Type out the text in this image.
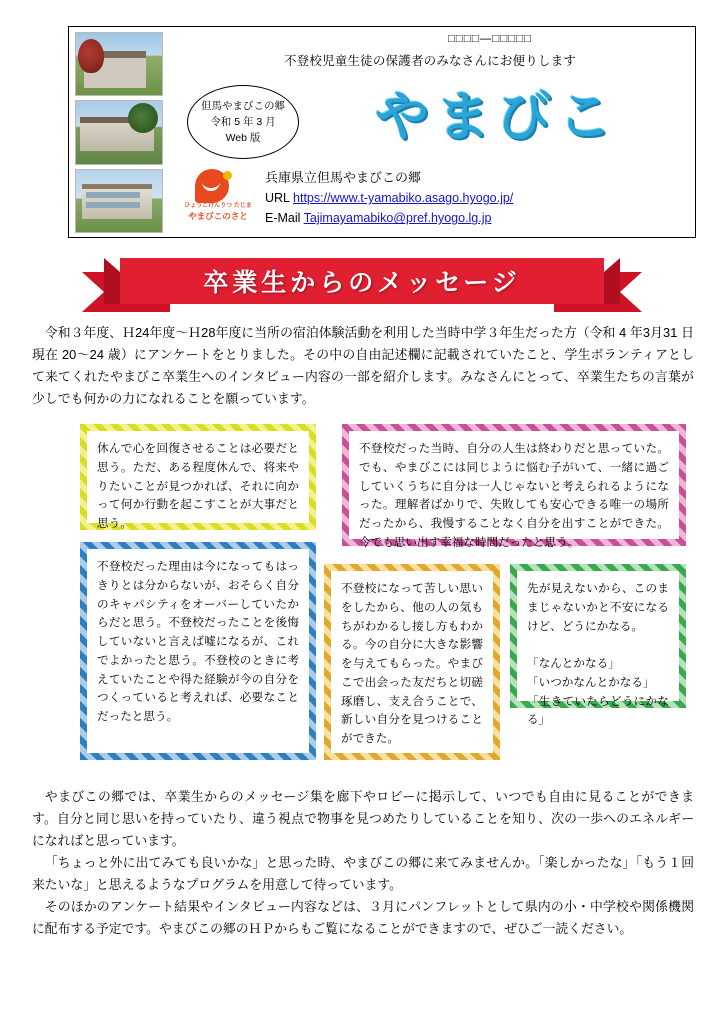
□□□□―□□□□□
不登校児童生徒の保護者のみなさんにお便りします
但馬やまびこの郷
令和 5 年 3 月
Web 版	やまびこ
ひょうごけんりつ たじま
やまびこのさと
兵庫県立但馬やまびこの郷
URL https://www.t-yamabiko.asago.hyogo.jp/
E-Mail Tajimayamabiko@pref.hyogo.lg.jp
卒業生からのメッセージ
令和３年度、Ｈ24年度～Ｈ28年度に当所の宿泊体験活動を利用した当時中学３年生だった方（令和 4 年3月31 日現在 20～24 歳）にアンケートをとりました。その中の自由記述欄に記載されていたこと、学生ボランティアとして来てくれたやまびこ卒業生へのインタビュー内容の一部を紹介します。みなさんにとって、卒業生たちの言葉が少しでも何かの力になれることを願っています。

休んで心を回復させることは必要だと思う。ただ、ある程度休んで、将来やりたいことが見つかれば、それに向かって何か行動を起こすことが大事だと思う。

不登校だった当時、自分の人生は終わりだと思っていた。でも、やまびこには同じように悩む子がいて、一緒に過ごしていくうちに自分は一人じゃないと考えられるようになった。理解者ばかりで、失敗しても安心できる唯一の場所だったから、我慢することなく自分を出すことができた。今でも思い出す幸福な時間だったと思う。

不登校だった理由は今になってもはっきりとは分からないが、おそらく自分のキャパシティをオーバーしていたからだと思う。不登校だったことを後悔していないと言えば嘘になるが、これでよかったと思う。不登校のときに考えていたことや得た経験が今の自分をつくっていると考えれば、必要なことだったと思う。

不登校になって苦しい思いをしたから、他の人の気もちがわかるし接し方もわかる。今の自分に大きな影響を与えてもらった。やまびこで出会った友だちと切磋琢磨し、支え合うことで、新しい自分を見つけることができた。

先が見えないから、このままじゃないかと不安になるけど、どうにかなる。

「なんとかなる」

「いつかなんとかなる」

「生きていたらどうにかなる」

やまびこの郷では、卒業生からのメッセージ集を廊下やロビーに掲示して、いつでも自由に見ることができます。自分と同じ思いを持っていたり、違う視点で物事を見つめたりしていることを知り、次の一歩へのエネルギーになればと思っています。

「ちょっと外に出てみても良いかな」と思った時、やまびこの郷に来てみませんか。「楽しかったな」「もう１回来たいな」と思えるようなプログラムを用意して待っています。

そのほかのアンケート結果やインタビュー内容などは、３月にパンフレットとして県内の小・中学校や関係機関に配布する予定です。やまびこの郷のＨＰからもご覧になることができますので、ぜひご一読ください。
